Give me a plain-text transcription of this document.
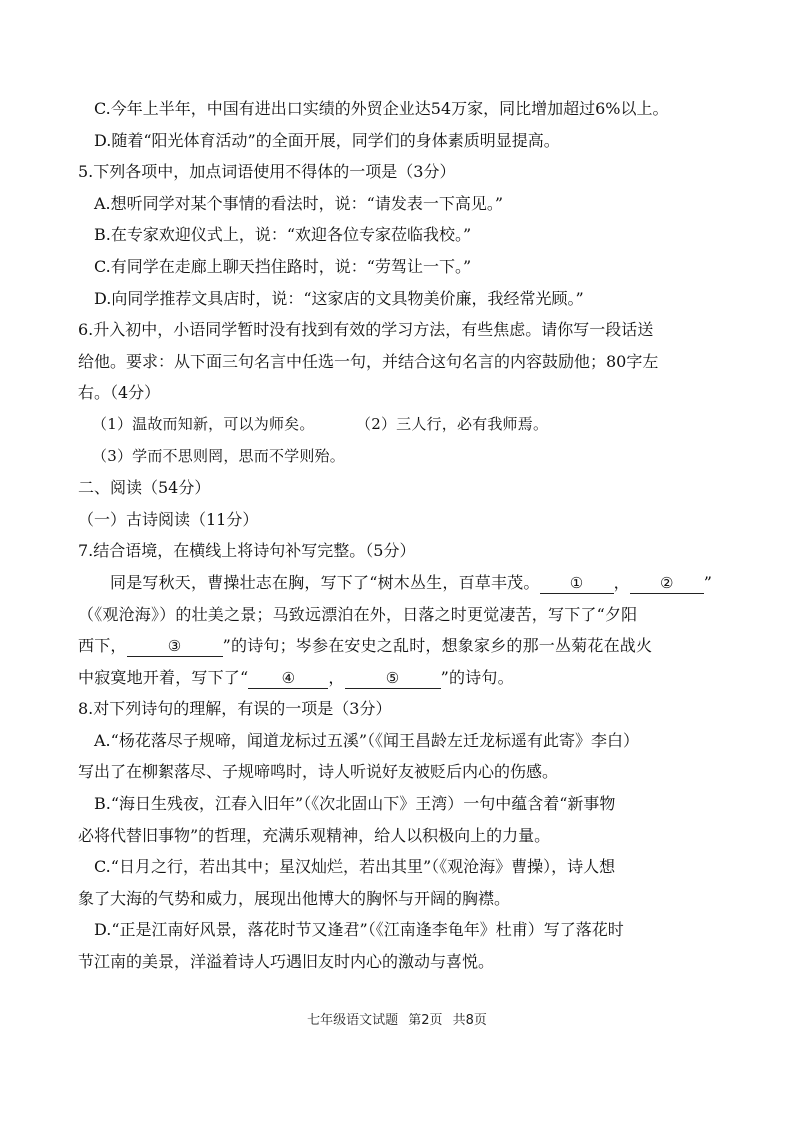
C.今年上半年，中国有进出口实绩的外贸企业达54万家，同比增加超过6%以上。
D.随着“阳光体育活动”的全面开展，同学们的身体素质明显提高。
5.下列各项中，加点词语使用不得体的一项是（3分）
A.想听同学对某个事情的看法时，说：“请发表一下高见。”
B.在专家欢迎仪式上，说：“欢迎各位专家莅临我校。”
C.有同学在走廊上聊天挡住路时，说：“劳驾让一下。”
D.向同学推荐文具店时，说：“这家店的文具物美价廉，我经常光顾。”
6.升入初中，小语同学暂时没有找到有效的学习方法，有些焦虑。请你写一段话送
给他。要求：从下面三句名言中任选一句，并结合这句名言的内容鼓励他；80字左
右。（4分）
（1）温故而知新，可以为师矣。	（2）三人行，必有我师焉。
（3）学而不思则罔，思而不学则殆。
二、阅读（54分）
（一）古诗阅读（11分）
7.结合语境，在横线上将诗句补写完整。（5分）
同是写秋天，曹操壮志在胸，写下了“树木丛生，百草丰茂。 ① ， ② ”
（《观沧海》）的壮美之景；马致远漂泊在外，日落之时更觉凄苦，写下了“夕阳
西下，	③	”的诗句；岑参在安史之乱时，想象家乡的那一丛菊花在战火
中寂寞地开着，写下了“ ④ ，	⑤	”的诗句。
8.对下列诗句的理解，有误的一项是（3分）
A.“杨花落尽子规啼，闻道龙标过五溪”（《闻王昌龄左迁龙标遥有此寄》李白）
写出了在柳絮落尽、子规啼鸣时，诗人听说好友被贬后内心的伤感。
B.“海日生残夜，江春入旧年”（《次北固山下》王湾）一句中蕴含着“新事物
必将代替旧事物”的哲理，充满乐观精神，给人以积极向上的力量。
C.“日月之行，若出其中；星汉灿烂，若出其里”（《观沧海》曹操），诗人想
象了大海的气势和威力，展现出他博大的胸怀与开阔的胸襟。
D.“正是江南好风景，落花时节又逢君”（《江南逢李龟年》杜甫）写了落花时
节江南的美景，洋溢着诗人巧遇旧友时内心的激动与喜悦。
七年级语文试题 第2页 共8页
